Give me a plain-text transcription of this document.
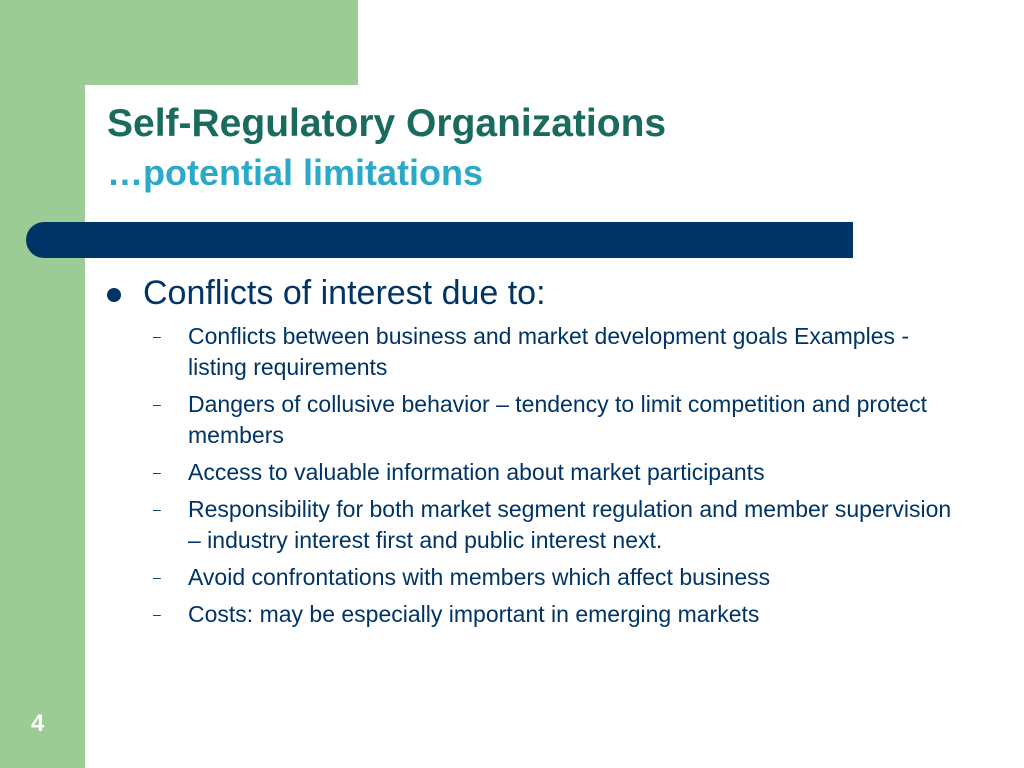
Self-Regulatory Organizations
…potential limitations
Conflicts of interest due to:
– Conflicts between business and market development goals Examples - listing requirements
– Dangers of collusive behavior – tendency to limit competition and protect members
– Access to valuable information about market participants
– Responsibility for both market segment regulation and member supervision – industry interest first and public interest next.
– Avoid confrontations with members which affect business
– Costs: may be especially important in emerging markets
4
